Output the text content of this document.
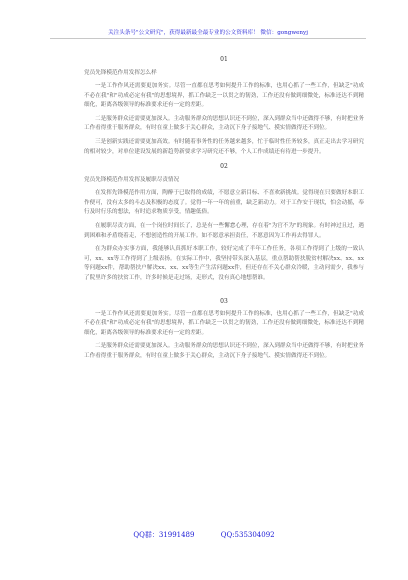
关注头条号"公文研究"，获得最新最全最专业的公文资料库！ 微信：gongwenyj
01
党员先锋模范作用发挥怎么样

一是工作作风还需要更加务实。尽管一直都在思考如何提升工作的标准，也用心抓了一些工作，但缺乏"功成不必在我"和"功成必定有我"的思想境界，抓工作缺乏一以贯之的韧劲，工作还没有做到细微处，标准还达不到精细化，距离各级领导的标准要求还有一定的差距。

二是服务群众还需要更加深入。主动服务群众的思想认识还不到位，深入到群众当中还做得不够，有时把业务工作看得重于服务群众，有时在童上做多于关心群众，主动沉下身子接地气、摸实情做得还不到位。

三是创新实践还需要更加高效。有时随着事务性的任务越来越多，忙于临时性任务较多，真正走出去学习研究的相对较少，对单位建设发展的新趋势新要求学习研究还不够，个人工作成绩还有待进一步提升。

02
党员先锋模范作用发挥及履职尽责情况

在发挥先锋模范作用方面，陶醉于已取得的成绩，不愿意立新目标、不喜欢新挑战。觉得现在只要做好本职工作便可，没有太多的斗志及积极的态度了。觉得一年一年的前重，缺乏新动力。对于工作安于现状，怕会动摇，奉行及时行乐的想法，有时追求物质享受，情趣低俗。

在履职尽责方面，在一个岗位时间长了，总是有一些懈怠心理，存在着"为官不为"的现象。有时神过且过，遇到困难和矛盾绕着走，不想创造性的开展工作。如不愿意承担责任，不愿意因为工作再去得罪人。

在为群众办实事方面，我能够认真抓好本职工作，较好完成了半年工作任务，各项工作得到了上级的一致认可，xx、xx等工作得到了上级表扬。在实际工作中，我坚持带头深入基层，重点帮助帮扶脱贫村解决xx、xx、xx等问题xx件，帮助帮扶户解决xx、xx、xx等生产生活问题xx件，但还存在不关心群众冷暖，主动问需少，我参与了院里许多的扶贫工作，许多时候是走过场，走形式，没有真心地想帮谁。

03

一是工作作风还需要更加务实。尽管一直都在思考如何提升工作的标准，也用心抓了一些工作，但缺乏"功成不必在我"和"功成必定有我"的思想境界，抓工作缺乏一以贯之的韧劲，工作还没有做到细微处，标准还达不到精细化，距离各级领导的标准要求还有一定的差距。

二是服务群众还需要更加深入。主动服务群众的思想认识还不到位，深入到群众当中还做得不够，有时把业务工作看得重于服务群众，有时在童上做多于关心群众，主动沉下身子接地气、摸实情做得还不到位。

QQ群：31991489	QQ:535304092
